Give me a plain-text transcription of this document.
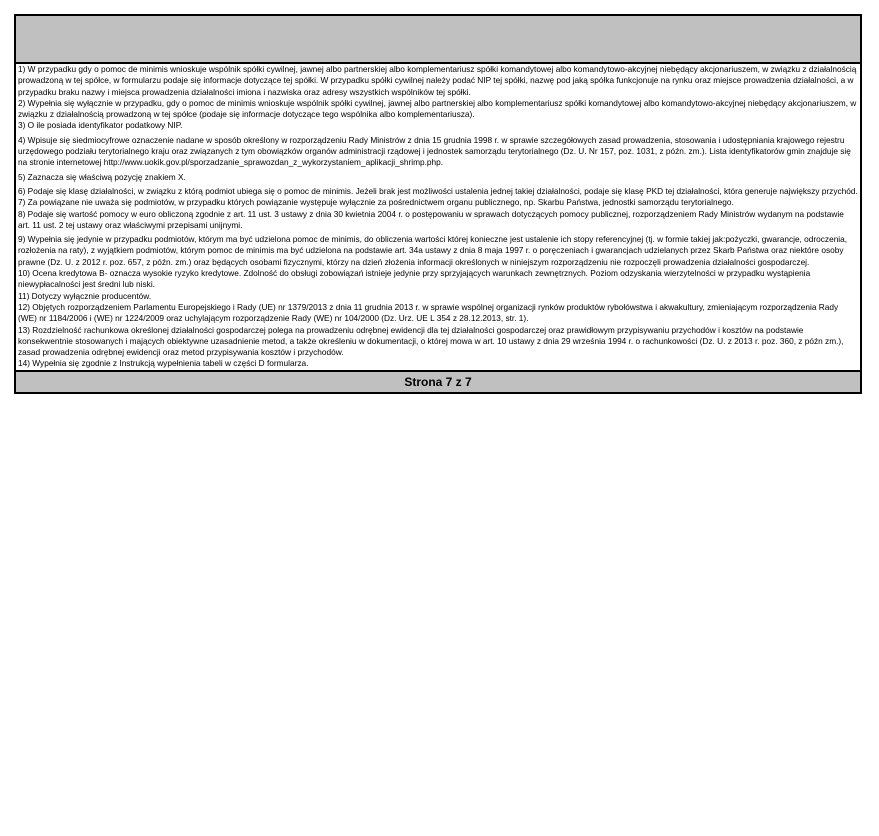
1) W przypadku gdy o pomoc de minimis wnioskuje wspólnik spółki cywilnej, jawnej albo partnerskiej albo komplementariusz spółki komandytowej albo komandytowo-akcyjnej niebędący akcjonariuszem, w związku z działalnością prowadzoną w tej spółce, w formularzu podaje się informacje dotyczące tej spółki. W przypadku spółki cywilnej należy podać NIP tej spółki, nazwę pod jaką spółka funkcjonuje na rynku oraz miejsce prowadzenia działalności, a w przypadku braku nazwy i miejsca prowadzenia działalności imiona i nazwiska oraz adresy wszystkich wspólników tej spółki.

2) Wypełnia się wyłącznie w przypadku, gdy o pomoc de minimis wnioskuje wspólnik spółki cywilnej, jawnej albo partnerskiej albo komplementariusz spółki komandytowej albo komandytowo-akcyjnej niebędący akcjonariuszem, w związku z działalnością prowadzoną w tej spółce (podaje się informacje dotyczące tego wspólnika albo komplementariusza).

3) O ile posiada identyfikator podatkowy NIP.

4) Wpisuje się siedmiocyfrowe oznaczenie nadane w sposób określony w rozporządzeniu Rady Ministrów z dnia 15 grudnia 1998 r. w sprawie szczegółowych zasad prowadzenia, stosowania i udostępniania krajowego rejestru urzędowego podziału terytorialnego kraju oraz związanych z tym obowiązków organów administracji rządowej i jednostek samorządu terytorialnego (Dz. U. Nr 157, poz. 1031, z późn. zm.). Lista identyfikatorów gmin znajduje się na stronie internetowej http://www.uokik.gov.pl/sporzadzanie_sprawozdan_z_wykorzystaniem_aplikacji_shrimp.php.

5) Zaznacza się właściwą pozycję znakiem X.

6) Podaje się klasę działalności, w związku z którą podmiot ubiega się o pomoc de minimis. Jeżeli brak jest możliwości ustalenia jednej takiej działalności, podaje się klasę PKD tej działalności, która generuje największy przychód.

7) Za powiązane nie uważa się podmiotów, w przypadku których powiązanie występuje wyłącznie za pośrednictwem organu publicznego, np. Skarbu Państwa, jednostki samorządu terytorialnego.

8) Podaje się wartość pomocy w euro obliczoną zgodnie z art. 11 ust. 3 ustawy z dnia 30 kwietnia 2004 r. o postępowaniu w sprawach dotyczących pomocy publicznej, rozporządzeniem Rady Ministrów wydanym na podstawie art. 11 ust. 2 tej ustawy oraz właściwymi przepisami unijnymi.

9) Wypełnia się jedynie w przypadku podmiotów, którym ma być udzielona pomoc de minimis, do obliczenia wartości której konieczne jest ustalenie ich stopy referencyjnej (tj. w formie takiej jak:pożyczki, gwarancje, odroczenia, rozłożenia na raty), z wyjątkiem podmiotów, którym pomoc de minimis ma być udzielona na podstawie art. 34a ustawy z dnia 8 maja 1997 r. o poręczeniach i gwarancjach udzielanych przez Skarb Państwa oraz niektóre osoby prawne (Dz. U. z 2012 r. poz. 657, z późn. zm.) oraz będących osobami fizycznymi, którzy na dzień złożenia informacji określonych w niniejszym rozporządzeniu nie rozpoczęli prowadzenia działalności gospodarczej.

10) Ocena kredytowa B- oznacza wysokie ryzyko kredytowe. Zdolność do obsługi zobowiązań istnieje jedynie przy sprzyjających warunkach zewnętrznych. Poziom odzyskania wierzytelności w przypadku wystąpienia niewypłacalności jest średni lub niski.

11) Dotyczy wyłącznie producentów.

12) Objętych rozporządzeniem Parlamentu Europejskiego i Rady (UE) nr 1379/2013 z dnia 11 grudnia 2013 r. w sprawie wspólnej organizacji rynków produktów rybołówstwa i akwakultury, zmieniającym rozporządzenia Rady (WE) nr 1184/2006 i (WE) nr 1224/2009 oraz uchylającym rozporządzenie Rady (WE) nr 104/2000 (Dz. Urz. UE L 354 z 28.12.2013, str. 1).

13) Rozdzielność rachunkowa określonej działalności gospodarczej polega na prowadzeniu odrębnej ewidencji dla tej działalności gospodarczej oraz prawidłowym przypisywaniu przychodów i kosztów na podstawie konsekwentnie stosowanych i mających obiektywne uzasadnienie metod, a także określeniu w dokumentacji, o której mowa w art. 10 ustawy z dnia 29 września 1994 r. o rachunkowości (Dz. U. z 2013 r. poz. 360, z późn zm.), zasad prowadzenia odrębnej ewidencji oraz metod przypisywania kosztów i przychodów.

14) Wypełnia się zgodnie z Instrukcją wypełnienia tabeli w części D formularza.

Strona 7 z 7
